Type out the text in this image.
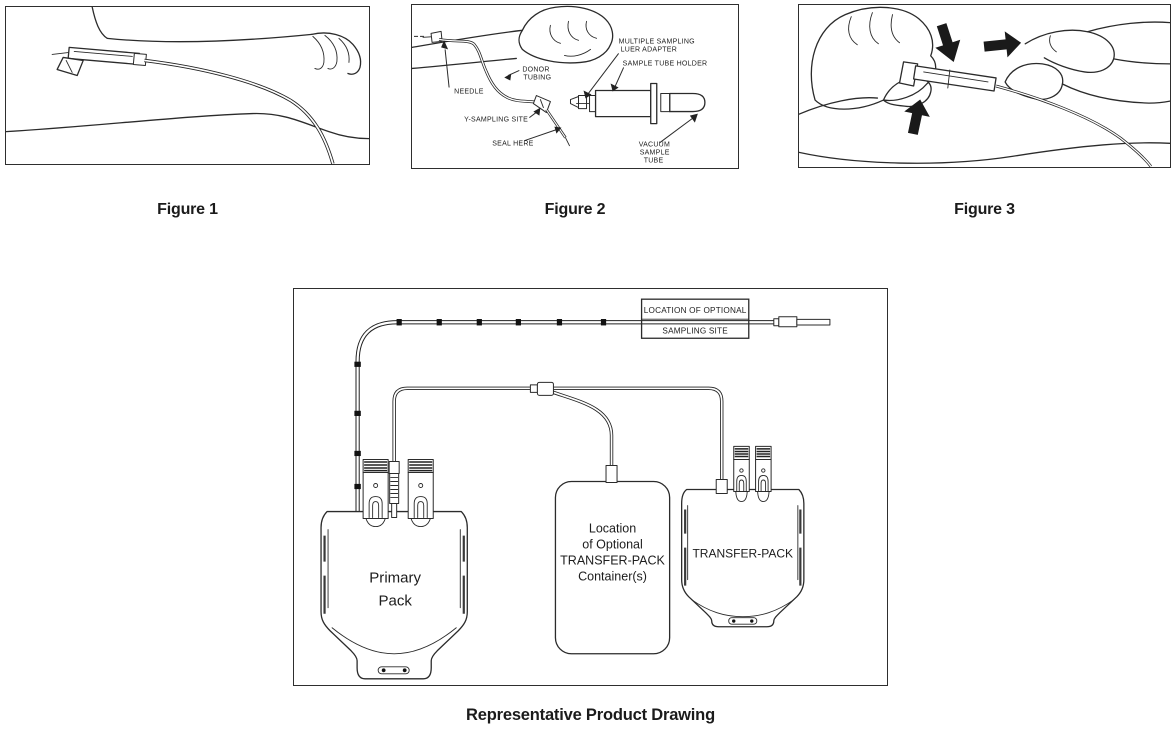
Figure 1
NEEDLE
DONOR
TUBING
Y-SAMPLING SITE
SEAL HERE
MULTIPLE SAMPLING
LUER ADAPTER
SAMPLE TUBE HOLDER
VACUUM
SAMPLE
TUBE
Figure 2	Figure 3
LOCATION OF OPTIONAL
SAMPLING SITE
Location
of Optional
TRANSFER-PACK
Container(s)
Primary
Pack
TRANSFER-PACK
Representative Product Drawing
